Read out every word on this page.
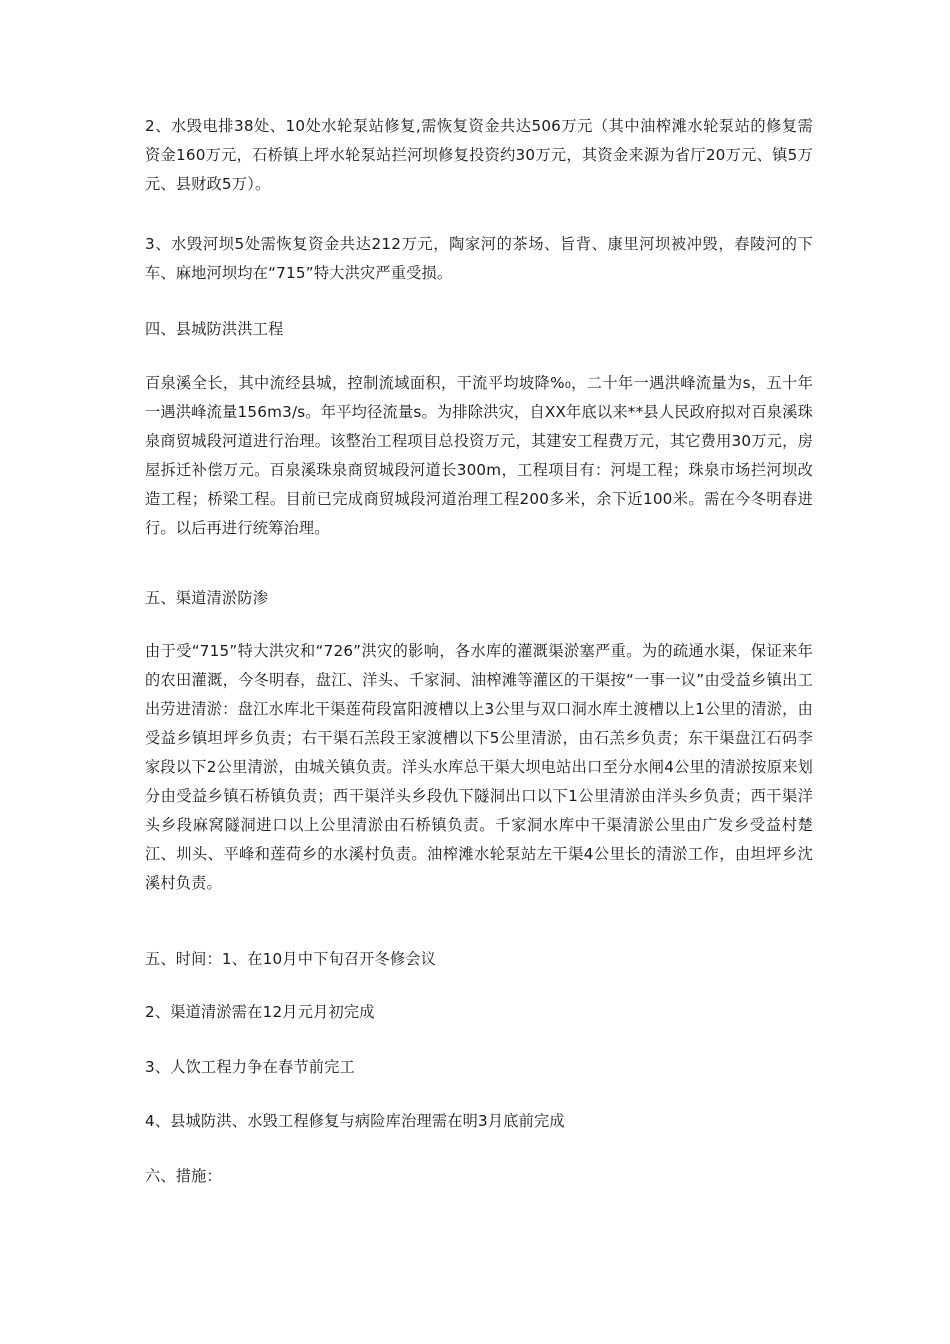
2、水毁电排38处、10处水轮泵站修复,需恢复资金共达506万元（其中油榨滩水轮泵站的修复需资金160万元，石桥镇上坪水轮泵站拦河坝修复投资约30万元，其资金来源为省厅20万元、镇5万元、县财政5万）。

3、水毁河坝5处需恢复资金共达212万元，陶家河的茶场、旨背、康里河坝被冲毁，春陵河的下车、麻地河坝均在“715”特大洪灾严重受损。

四、县城防洪洪工程

百泉溪全长，其中流经县城，控制流域面积，干流平均坡降%₀，二十年一遇洪峰流量为s，五十年一遇洪峰流量156m3/s。年平均径流量s。为排除洪灾，自XX年底以来**县人民政府拟对百泉溪珠泉商贸城段河道进行治理。该整治工程项目总投资万元，其建安工程费万元，其它费用30万元，房屋拆迁补偿万元。百泉溪珠泉商贸城段河道长300m，工程项目有：河堤工程；珠泉市场拦河坝改造工程；桥梁工程。目前已完成商贸城段河道治理工程200多米，余下近100米。需在今冬明春进行。以后再进行统筹治理。

五、渠道清淤防渗

由于受“715”特大洪灾和“726”洪灾的影响，各水库的灌溉渠淤塞严重。为的疏通水渠，保证来年的农田灌溉，今冬明春，盘江、洋头、千家洞、油榨滩等灌区的干渠按“一事一议”由受益乡镇出工出劳进清淤：盘江水库北干渠莲荷段富阳渡槽以上3公里与双口洞水库土渡槽以上1公里的清淤，由受益乡镇坦坪乡负责；右干渠石羔段王家渡槽以下5公里清淤，由石羔乡负责；东干渠盘江石码李家段以下2公里清淤，由城关镇负责。洋头水库总干渠大坝电站出口至分水闸4公里的清淤按原来划分由受益乡镇石桥镇负责；西干渠洋头乡段仇下隧洞出口以下1公里清淤由洋头乡负责；西干渠洋头乡段麻窝隧洞进口以上公里清淤由石桥镇负责。千家洞水库中干渠清淤公里由广发乡受益村楚江、圳头、平峰和莲荷乡的水溪村负责。油榨滩水轮泵站左干渠4公里长的清淤工作，由坦坪乡沈溪村负责。

五、时间：1、在10月中下旬召开冬修会议

2、渠道清淤需在12月元月初完成

3、人饮工程力争在春节前完工

4、县城防洪、水毁工程修复与病险库治理需在明3月底前完成

六、措施：
